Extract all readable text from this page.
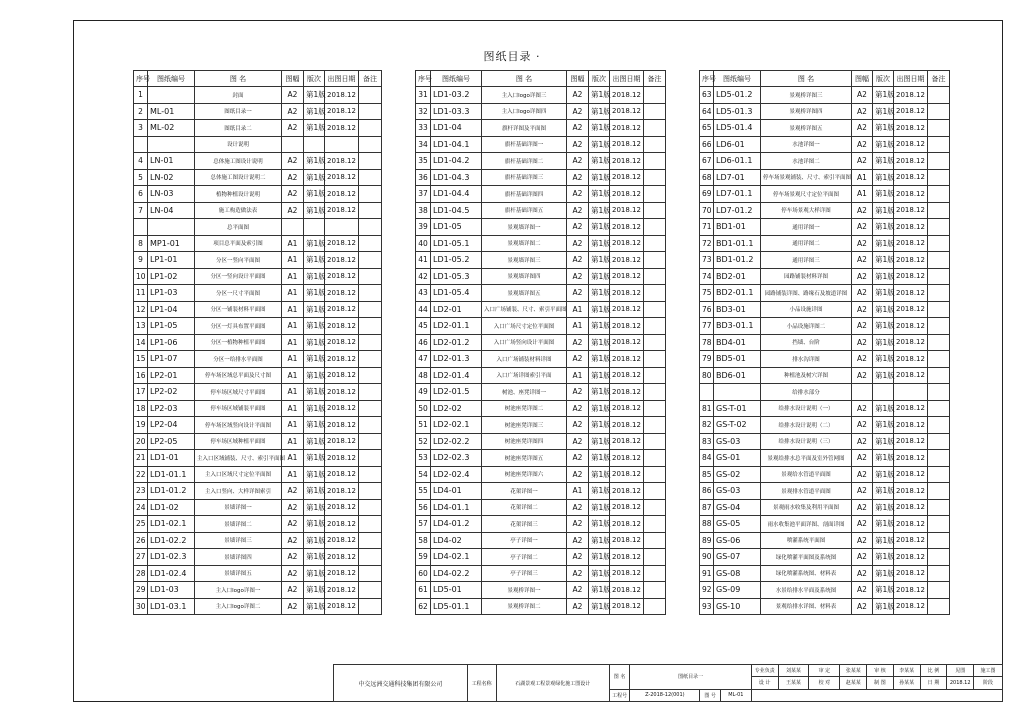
图纸目录 ·
序号	图纸编号	图 名	图幅	版次	出图日期	备注
1		封面	A2	第1版	2018.12	
2	ML-01	图纸目录一	A2	第1版	2018.12	
3	ML-02	图纸目录二	A2	第1版	2018.12	
		设计说明				
4	LN-01	总体施工图设计说明	A2	第1版	2018.12	
5	LN-02	总体施工图设计说明二	A2	第1版	2018.12	
6	LN-03	植物种植设计说明	A2	第1版	2018.12	
7	LN-04	施工构造做法表	A2	第1版	2018.12	
		总平面图				
8	MP1-01	项目总平面及索引图	A1	第1版	2018.12	
9	LP1-01	分区一竖向平面图	A1	第1版	2018.12	
10	LP1-02	分区一竖向设计平面图	A1	第1版	2018.12	
11	LP1-03	分区一尺寸平面图	A1	第1版	2018.12	
12	LP1-04	分区一铺装材料平面图	A1	第1版	2018.12	
13	LP1-05	分区一灯具布置平面图	A1	第1版	2018.12	
14	LP1-06	分区一植物种植平面图	A1	第1版	2018.12	
15	LP1-07	分区一给排水平面图	A1	第1版	2018.12	
16	LP2-01	停车场区域总平面及尺寸图	A1	第1版	2018.12	
17	LP2-02	停车场区域尺寸平面图	A1	第1版	2018.12	
18	LP2-03	停车场区域铺装平面图	A1	第1版	2018.12	
19	LP2-04	停车场区域竖向设计平面图	A1	第1版	2018.12	
20	LP2-05	停车场区域种植平面图	A1	第1版	2018.12	
21	LD1-01	主入口区域铺装、尺寸、索引平面图	A1	第1版	2018.12	
22	LD1-01.1	主入口区域尺寸定位平面图	A1	第1版	2018.12	
23	LD1-01.2	主入口竖向、大样详图索引	A2	第1版	2018.12	
24	LD1-02	景墙详图一	A2	第1版	2018.12	
25	LD1-02.1	景墙详图二	A2	第1版	2018.12	
26	LD1-02.2	景墙详图三	A2	第1版	2018.12	
27	LD1-02.3	景墙详图四	A2	第1版	2018.12	
28	LD1-02.4	景墙详图五	A2	第1版	2018.12	
29	LD1-03	主入口logo详图一	A2	第1版	2018.12	
30	LD1-03.1	主入口logo详图二	A2	第1版	2018.12	
序号	图纸编号	图 名	图幅	版次	出图日期	备注
31	LD1-03.2	主入口logo详图三	A2	第1版	2018.12	
32	LD1-03.3	主入口logo详图四	A2	第1版	2018.12	
33	LD1-04	旗杆详图及平面图	A2	第1版	2018.12	
34	LD1-04.1	旗杆基础详图一	A2	第1版	2018.12	
35	LD1-04.2	旗杆基础详图二	A2	第1版	2018.12	
36	LD1-04.3	旗杆基础详图三	A2	第1版	2018.12	
37	LD1-04.4	旗杆基础详图四	A2	第1版	2018.12	
38	LD1-04.5	旗杆基础详图五	A2	第1版	2018.12	
39	LD1-05	景观墙详图一	A2	第1版	2018.12	
40	LD1-05.1	景观墙详图二	A2	第1版	2018.12	
41	LD1-05.2	景观墙详图三	A2	第1版	2018.12	
42	LD1-05.3	景观墙详图四	A2	第1版	2018.12	
43	LD1-05.4	景观墙详图五	A2	第1版	2018.12	
44	LD2-01	入口广场铺装、尺寸、索引平面图	A1	第1版	2018.12	
45	LD2-01.1	入口广场尺寸定位平面图	A1	第1版	2018.12	
46	LD2-01.2	入口广场竖向设计平面图	A2	第1版	2018.12	
47	LD2-01.3	入口广场铺装材料详图	A2	第1版	2018.12	
48	LD2-01.4	入口广场详图索引平面	A1	第1版	2018.12	
49	LD2-01.5	树池、座凳详图一	A2	第1版	2018.12	
50	LD2-02	树池座凳详图二	A2	第1版	2018.12	
51	LD2-02.1	树池座凳详图三	A2	第1版	2018.12	
52	LD2-02.2	树池座凳详图四	A2	第1版	2018.12	
53	LD2-02.3	树池座凳详图五	A2	第1版	2018.12	
54	LD2-02.4	树池座凳详图六	A2	第1版	2018.12	
55	LD4-01	花架详图一	A1	第1版	2018.12	
56	LD4-01.1	花架详图二	A2	第1版	2018.12	
57	LD4-01.2	花架详图三	A2	第1版	2018.12	
58	LD4-02	亭子详图一	A2	第1版	2018.12	
59	LD4-02.1	亭子详图二	A2	第1版	2018.12	
60	LD4-02.2	亭子详图三	A2	第1版	2018.12	
61	LD5-01	景观桥详图一	A2	第1版	2018.12	
62	LD5-01.1	景观桥详图二	A2	第1版	2018.12	
序号	图纸编号	图 名	图幅	版次	出图日期	备注
63	LD5-01.2	景观桥详图三	A2	第1版	2018.12	
64	LD5-01.3	景观桥详图四	A2	第1版	2018.12	
65	LD5-01.4	景观桥详图五	A2	第1版	2018.12	
66	LD6-01	水池详图一	A2	第1版	2018.12	
67	LD6-01.1	水池详图二	A2	第1版	2018.12	
68	LD7-01	停车场景观铺装、尺寸、索引平面图	A1	第1版	2018.12	
69	LD7-01.1	停车场景观尺寸定位平面图	A1	第1版	2018.12	
70	LD7-01.2	停车场景观大样详图	A2	第1版	2018.12	
71	BD1-01	通用详图一	A2	第1版	2018.12	
72	BD1-01.1	通用详图二	A2	第1版	2018.12	
73	BD1-01.2	通用详图三	A2	第1版	2018.12	
74	BD2-01	园路铺装材料详图	A2	第1版	2018.12	
75	BD2-01.1	园路铺装详图、路缘石及坡道详图	A2	第1版	2018.12	
76	BD3-01	小品设施详图	A2	第1版	2018.12	
77	BD3-01.1	小品设施详图二	A2	第1版	2018.12	
78	BD4-01	挡墙、台阶	A2	第1版	2018.12	
79	BD5-01	排水沟详图	A2	第1版	2018.12	
80	BD6-01	种植池及树穴详图	A2	第1版	2018.12	
		给排水部分				
81	GS-T-01	给排水设计说明（一）	A2	第1版	2018.12	
82	GS-T-02	给排水设计说明（二）	A2	第1版	2018.12	
83	GS-03	给排水设计说明（三）	A2	第1版	2018.12	
84	GS-01	景观给排水总平面及室外管网图	A2	第1版	2018.12	
85	GS-02	景观给水管道平面图	A2	第1版	2018.12	
86	GS-03	景观排水管道平面图	A2	第1版	2018.12	
87	GS-04	景观雨水收集及利用平面图	A2	第1版	2018.12	
88	GS-05	雨水收集池平面详图、剖面详图	A2	第1版	2018.12	
89	GS-06	喷灌系统平面图	A2	第1版	2018.12	
90	GS-07	绿化喷灌平面图及系统图	A2	第1版	2018.12	
91	GS-08	绿化喷灌系统图、材料表	A2	第1版	2018.12	
92	GS-09	水景给排水平面及系统图	A2	第1版	2018.12	
93	GS-10	景观给排水详图、材料表	A2	第1版	2018.12	
中交远洲交通科技集团有限公司	工程名称	石湖景观工程景观绿化施工图设计	图 名	图纸目录一			专业负责	刘某某	审 定	张某某	审 核	李某某	比 例	见图	施工图
							设 计	王某某	校 对	赵某某	制 图	孙某某	日 期	2018.12	阶段
			工程号	Z-2018-12(001)	图 号	ML-01									
